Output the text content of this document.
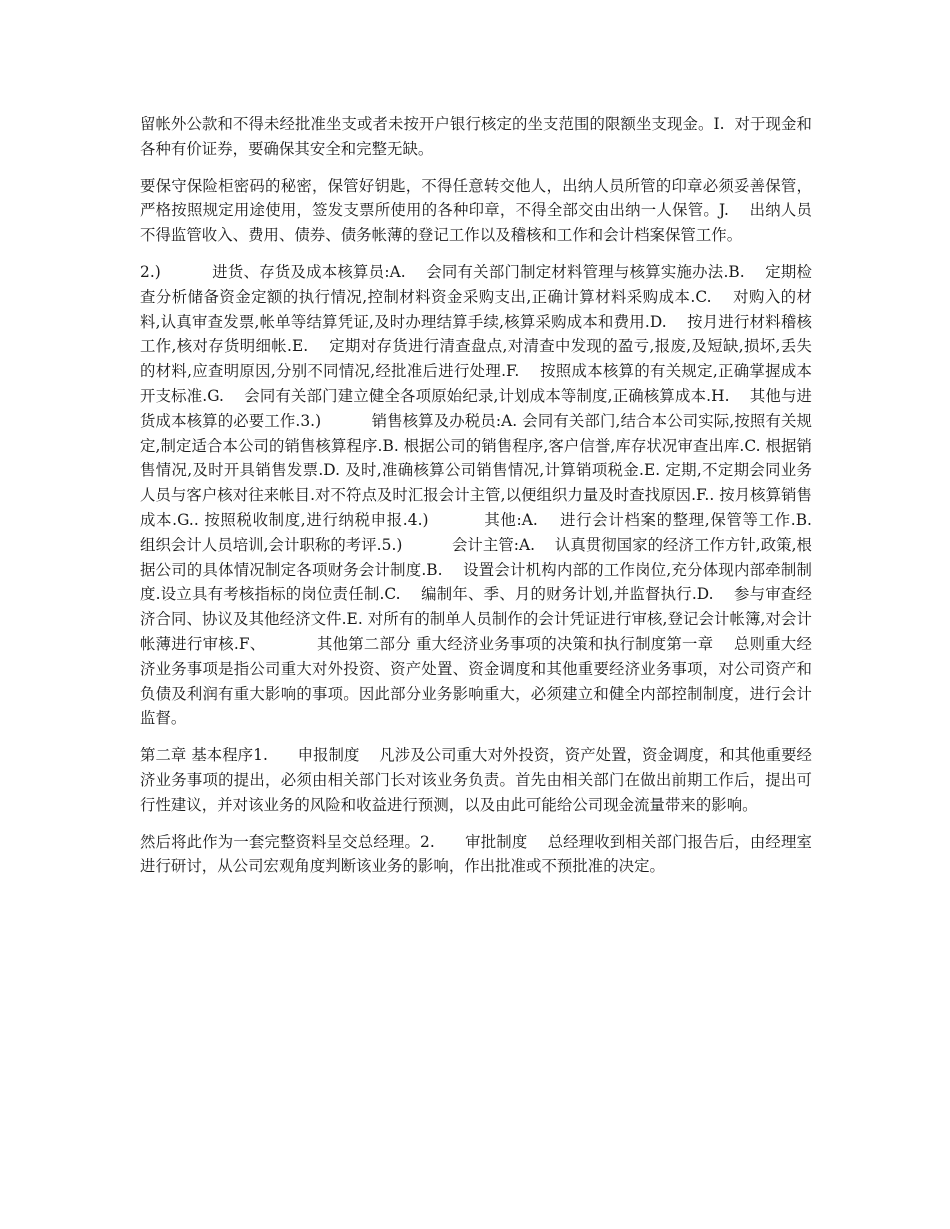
留帐外公款和不得未经批准坐支或者未按开户银行核定的坐支范围的限额坐支现金。I.  对于现金和各种有价证券，要确保其安全和完整无缺。

要保守保险柜密码的秘密，保管好钥匙，不得任意转交他人，出纳人员所管的印章必须妥善保管，严格按照规定用途使用，签发支票所使用的各种印章，不得全部交由出纳一人保管。J.    出纳人员不得监管收入、费用、债券、债务帐薄的登记工作以及稽核和工作和会计档案保管工作。

2.)          进货、存货及成本核算员:A.    会同有关部门制定材料管理与核算实施办法.B.    定期检查分析储备资金定额的执行情况,控制材料资金采购支出,正确计算材料采购成本.C.    对购入的材料,认真审查发票,帐单等结算凭证,及时办理结算手续,核算采购成本和费用.D.    按月进行材料稽核工作,核对存货明细帐.E.    定期对存货进行清查盘点,对清查中发现的盈亏,报废,及短缺,损坏,丢失的材料,应查明原因,分别不同情况,经批准后进行处理.F.    按照成本核算的有关规定,正确掌握成本开支标准.G.    会同有关部门建立健全各项原始纪录,计划成本等制度,正确核算成本.H.    其他与进货成本核算的必要工作.3.)          销售核算及办税员:A. 会同有关部门,结合本公司实际,按照有关规定,制定适合本公司的销售核算程序.B. 根据公司的销售程序,客户信誉,库存状况审查出库.C. 根据销售情况,及时开具销售发票.D. 及时,准确核算公司销售情况,计算销项税金.E. 定期,不定期会同业务人员与客户核对往来帐目.对不符点及时汇报会计主管,以便组织力量及时查找原因.F.. 按月核算销售成本.G.. 按照税收制度,进行纳税申报.4.)          其他:A.    进行会计档案的整理,保管等工作.B.    组织会计人员培训,会计职称的考评.5.)          会计主管:A.    认真贯彻国家的经济工作方针,政策,根据公司的具体情况制定各项财务会计制度.B.    设置会计机构内部的工作岗位,充分体现内部牵制制度.设立具有考核指标的岗位责任制.C.    编制年、季、月的财务计划,并监督执行.D.    参与审查经济合同、协议及其他经济文件.E. 对所有的制单人员制作的会计凭证进行审核,登记会计帐簿,对会计帐薄进行审核.F、          其他第二部分 重大经济业务事项的决策和执行制度第一章    总则重大经济业务事项是指公司重大对外投资、资产处置、资金调度和其他重要经济业务事项，对公司资产和负债及利润有重大影响的事项。因此部分业务影响重大，必须建立和健全内部控制制度，进行会计监督。

第二章 基本程序1.      申报制度    凡涉及公司重大对外投资，资产处置，资金调度，和其他重要经济业务事项的提出，必须由相关部门长对该业务负责。首先由相关部门在做出前期工作后，提出可行性建议，并对该业务的风险和收益进行预测，以及由此可能给公司现金流量带来的影响。

然后将此作为一套完整资料呈交总经理。2.      审批制度    总经理收到相关部门报告后，由经理室进行研讨，从公司宏观角度判断该业务的影响，作出批准或不预批准的决定。
